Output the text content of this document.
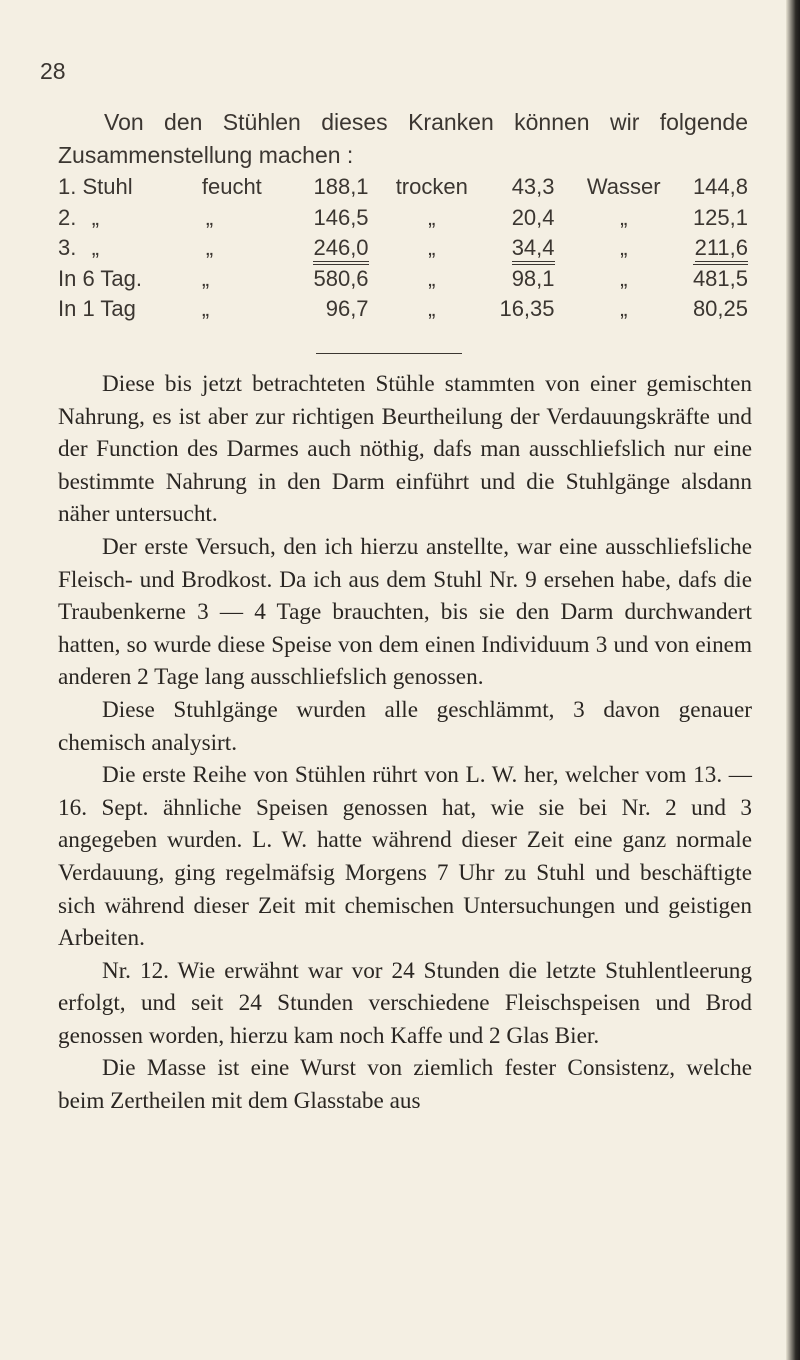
28

Von den Stühlen dieses Kranken können wir folgende Zusammenstellung machen :

1. Stuhl	feucht	188,1	trocken	43,3	Wasser	144,8
2. „	„	146,5	„	20,4	„	125,1
3. „	„	246,0	„	34,4	„	211,6
In 6 Tag.	„	580,6	„	98,1	„	481,5
In 1 Tag	„	96,7	„	16,35	„	80,25

Diese bis jetzt betrachteten Stühle stammten von einer gemischten Nahrung, es ist aber zur richtigen Beurtheilung der Verdauungskräfte und der Function des Darmes auch nöthig, dafs man ausschliefslich nur eine bestimmte Nahrung in den Darm einführt und die Stuhlgänge alsdann näher untersucht.

Der erste Versuch, den ich hierzu anstellte, war eine ausschliefsliche Fleisch- und Brodkost. Da ich aus dem Stuhl Nr. 9 ersehen habe, dafs die Traubenkerne 3 — 4 Tage brauchten, bis sie den Darm durchwandert hatten, so wurde diese Speise von dem einen Individuum 3 und von einem anderen 2 Tage lang ausschliefslich genossen.

Diese Stuhlgänge wurden alle geschlämmt, 3 davon genauer chemisch analysirt.

Die erste Reihe von Stühlen rührt von L. W. her, welcher vom 13. — 16. Sept. ähnliche Speisen genossen hat, wie sie bei Nr. 2 und 3 angegeben wurden. L. W. hatte während dieser Zeit eine ganz normale Verdauung, ging regelmäfsig Morgens 7 Uhr zu Stuhl und beschäftigte sich während dieser Zeit mit chemischen Untersuchungen und geistigen Arbeiten.

Nr. 12. Wie erwähnt war vor 24 Stunden die letzte Stuhlentleerung erfolgt, und seit 24 Stunden verschiedene Fleischspeisen und Brod genossen worden, hierzu kam noch Kaffe und 2 Glas Bier.

Die Masse ist eine Wurst von ziemlich fester Consistenz, welche beim Zertheilen mit dem Glasstabe aus
